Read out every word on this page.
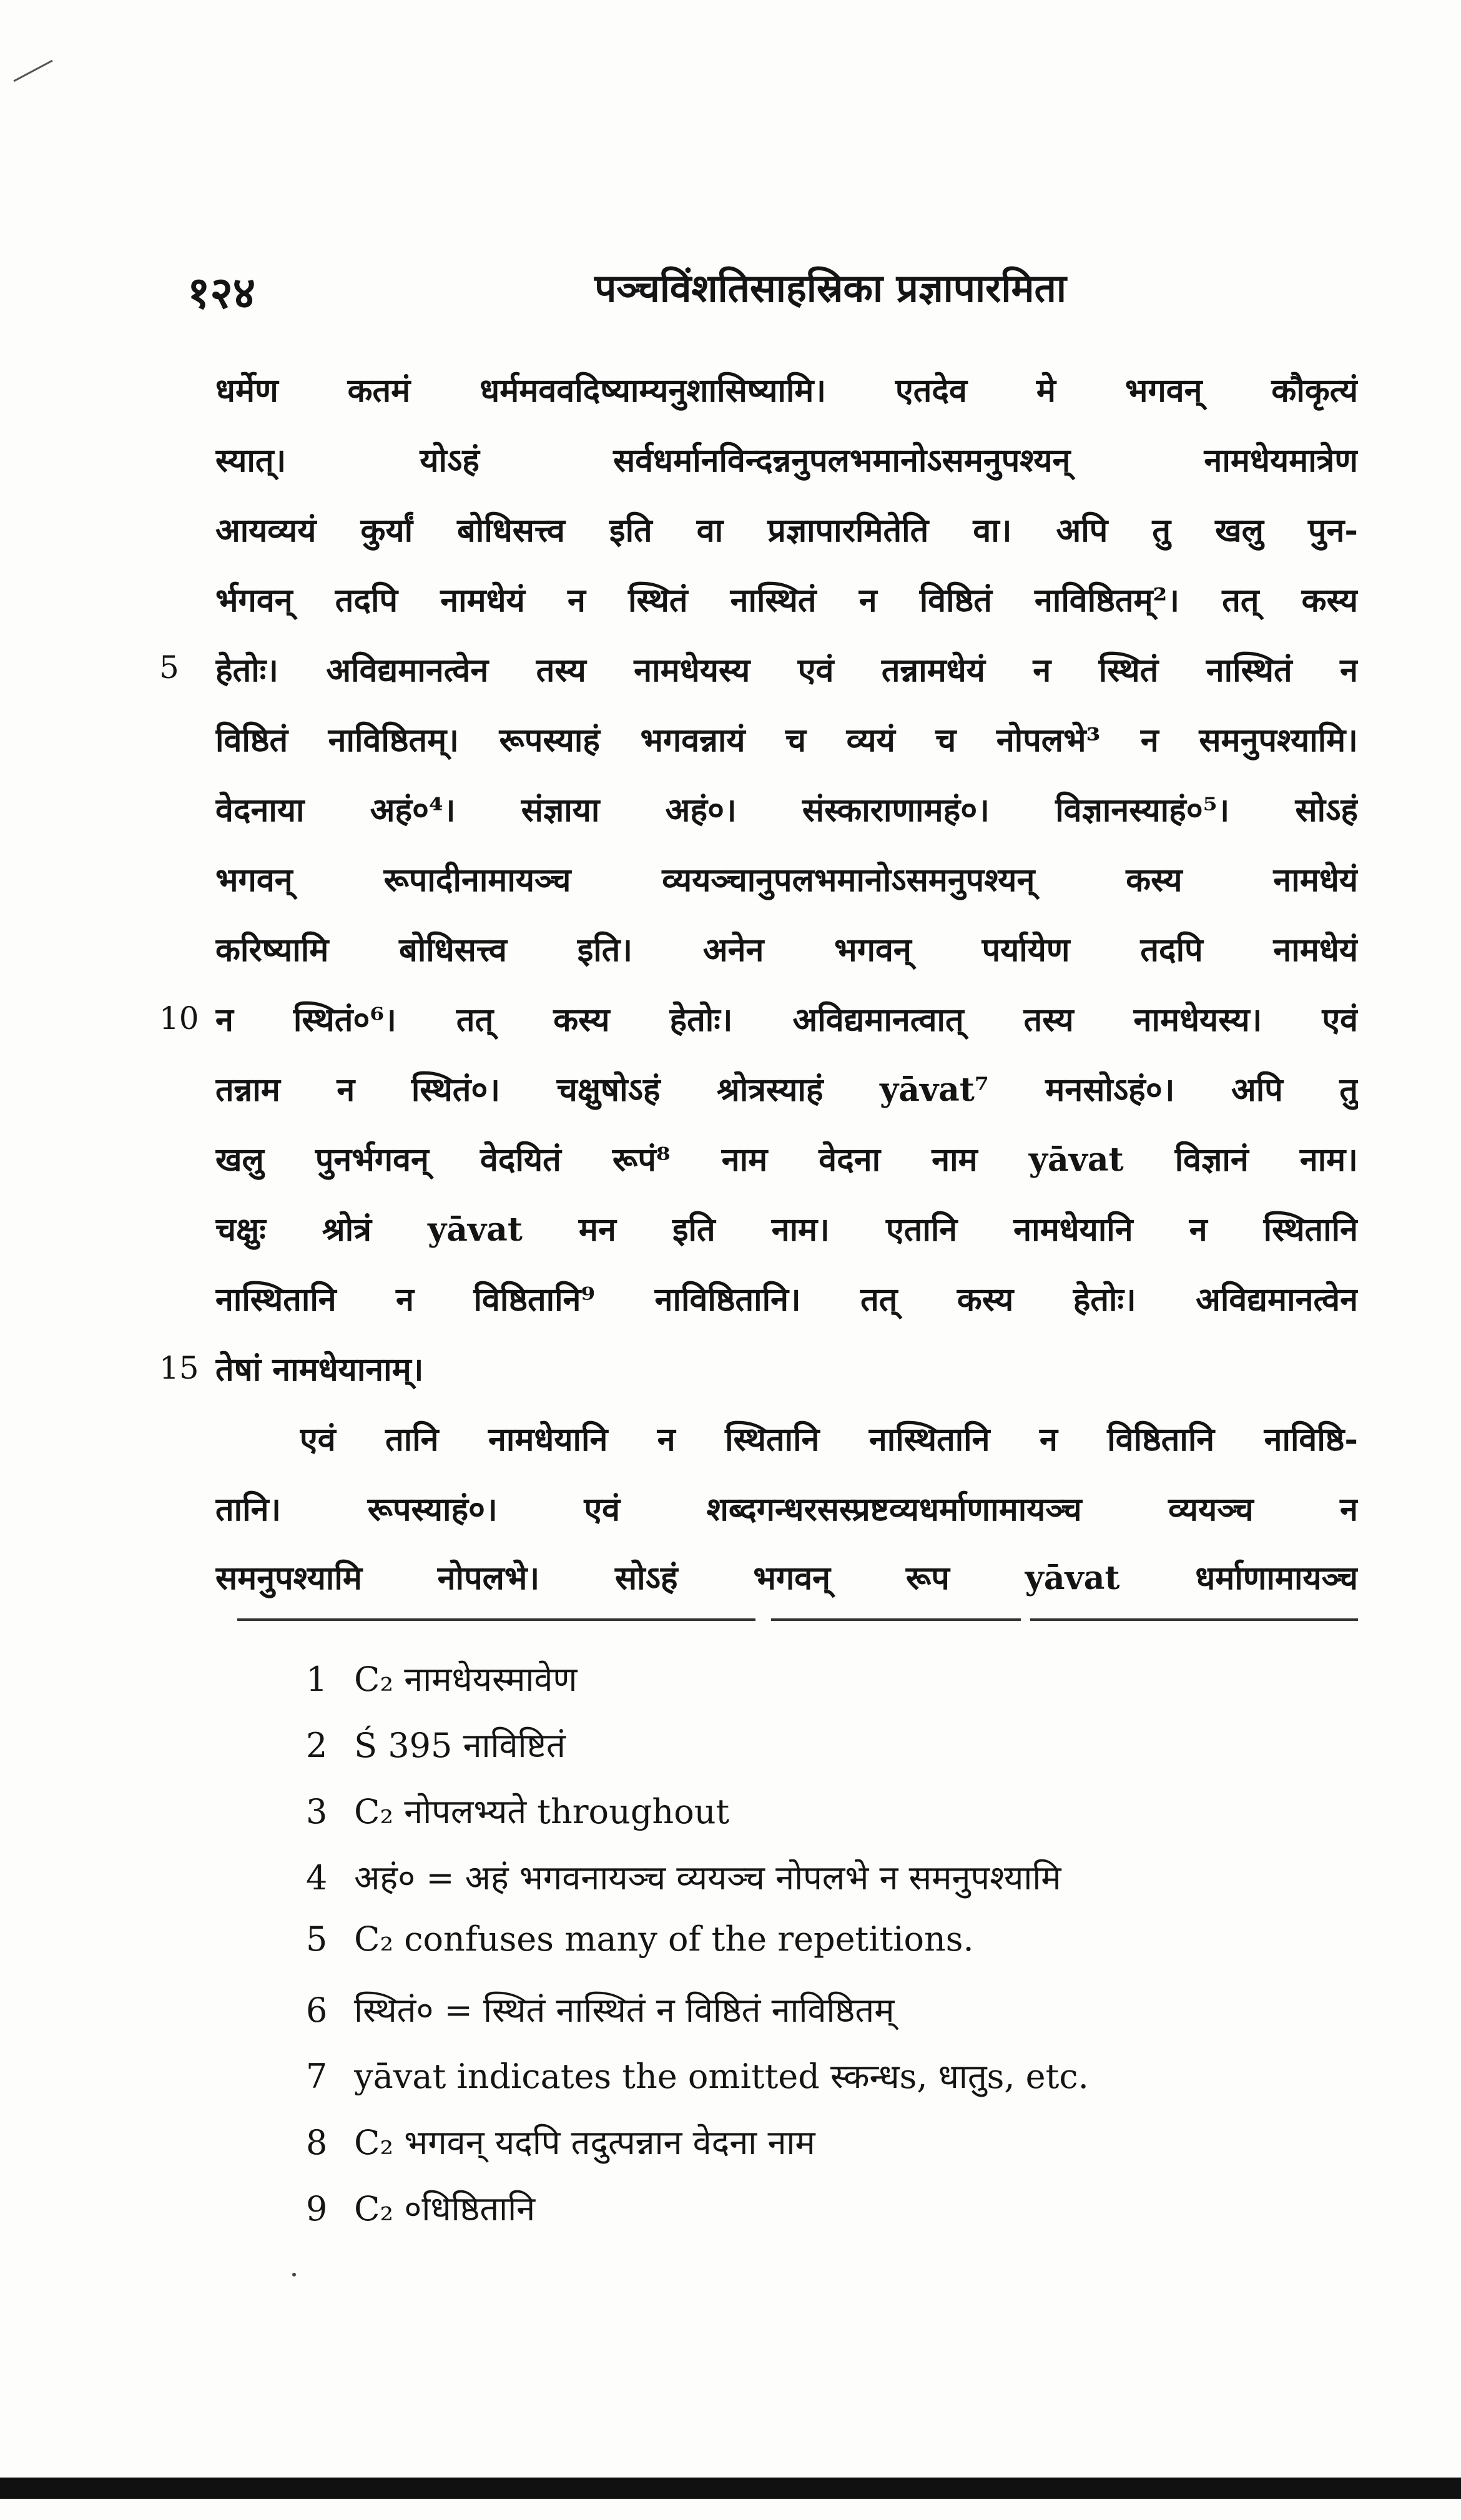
१२४	पञ्चविंशतिसाहस्रिका प्रज्ञापारमिता
धर्मेण कतमं धर्ममववदिष्याम्यनुशासिष्यामि। एतदेव मे भगवन् कौकृत्यं
स्यात्। योऽहं सर्वधर्मानविन्दन्ननुपलभमानोऽसमनुपश्यन् नामधेयमात्रेण
आयव्ययं कुर्यां बोधिसत्त्व इति वा प्रज्ञापारमितेति वा। अपि तु खलु पुन-
र्भगवन् तदपि नामधेयं न स्थितं नास्थितं न विष्ठितं नाविष्ठितम्²। तत् कस्य
5 हेतोः। अविद्यमानत्वेन तस्य नामधेयस्य एवं तन्नामधेयं न स्थितं नास्थितं न
विष्ठितं नाविष्ठितम्। रूपस्याहं भगवन्नायं च व्ययं च नोपलभे³ न समनुपश्यामि।
वेदनाया अहं०⁴। संज्ञाया अहं०। संस्काराणामहं०। विज्ञानस्याहं०⁵। सोऽहं
भगवन् रूपादीनामायञ्च व्ययञ्चानुपलभमानोऽसमनुपश्यन् कस्य नामधेयं
करिष्यामि बोधिसत्त्व इति। अनेन भगवन् पर्यायेण तदपि नामधेयं
10 न स्थितं०⁶। तत् कस्य हेतोः। अविद्यमानत्वात् तस्य नामधेयस्य। एवं
तन्नाम न स्थितं०। चक्षुषोऽहं श्रोत्रस्याहं yāvat⁷ मनसोऽहं०। अपि तु
खलु पुनर्भगवन् वेदयितं रूपं⁸ नाम वेदना नाम yāvat विज्ञानं नाम।
चक्षुः श्रोत्रं yāvat मन इति नाम। एतानि नामधेयानि न स्थितानि
नास्थितानि न विष्ठितानि⁹ नाविष्ठितानि। तत् कस्य हेतोः। अविद्यमानत्वेन
15 तेषां नामधेयानाम्।
एवं तानि नामधेयानि न स्थितानि नास्थितानि न विष्ठितानि नाविष्ठि-
तानि। रूपस्याहं०। एवं शब्दगन्धरसस्प्रष्टव्यधर्माणामायञ्च व्ययञ्च न
समनुपश्यामि नोपलभे। सोऽहं भगवन् रूप yāvat धर्माणामायञ्च
1 C₂ नामधेयस्मावेण
2 Ś 395 नाविष्टितं
3 C₂ नोपलभ्यते throughout
4 अहं० = अहं भगवनायञ्च व्ययञ्च नोपलभे न समनुपश्यामि
5 C₂ confuses many of the repetitions.
6 स्थितं० = स्थितं नास्थितं न विष्ठितं नाविष्ठितम्
7 yāvat indicates the omitted स्कन्धs, धातुs, etc.
8 C₂ भगवन् यदपि तदुत्पन्नान वेदना नाम
9 C₂ ०धिष्ठितानि
